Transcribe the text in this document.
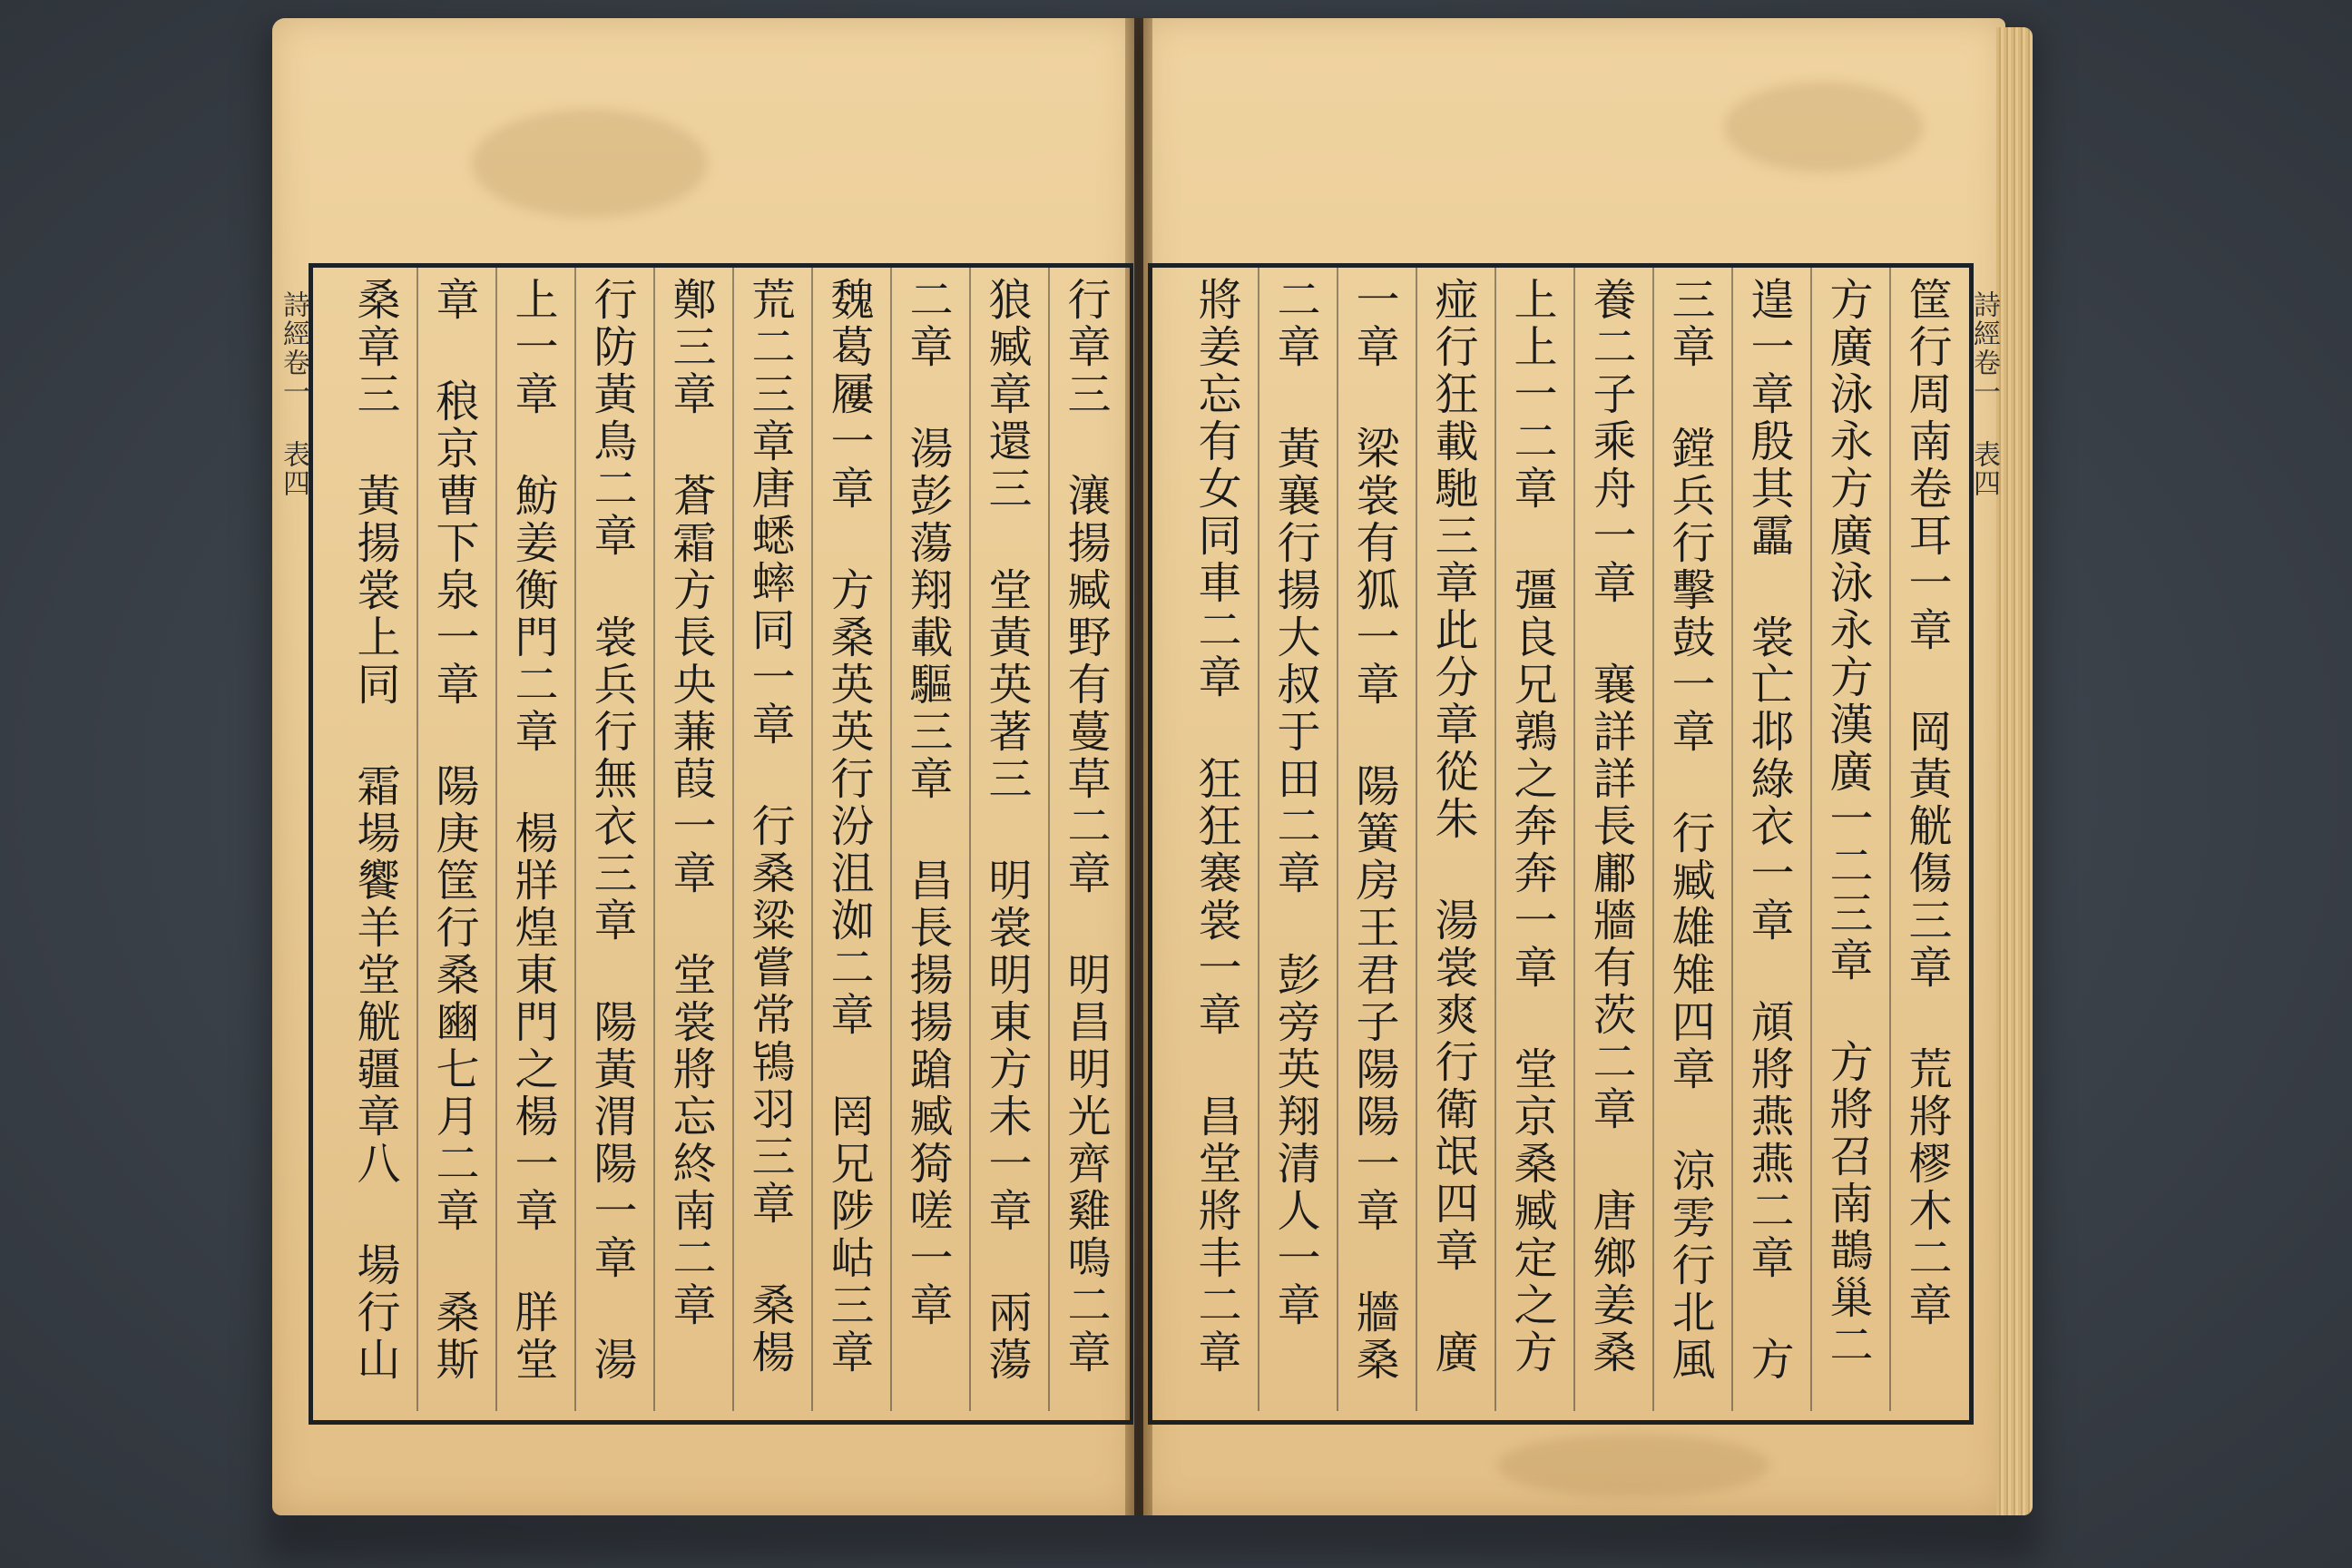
詩經卷一 表四	詩經卷一 表四
行章三 瀼揚臧野有蔓草二章 明昌明光齊雞鳴二章
狼臧章還三 堂黃英著三 明裳明東方未一章 兩蕩
二章 湯彭蕩翔載驅三章 昌長揚揚蹌臧猗嗟一章
魏葛屨一章 方桑英英行汾沮洳二章 罔兄陟岵三章
荒二三章唐蟋蟀同一章 行桑粱嘗常鴇羽三章 桑楊
鄭三章 蒼霜方長央蒹葭一章 堂裳將忘終南二章
行防黃鳥二章 裳兵行無衣三章 陽黃渭陽一章 湯
上一章 魴姜衡門二章 楊牂煌東門之楊一章 羘堂
章 稂京曹下泉一章 陽庚筐行桑豳七月二章 桑斯
桑章三 黃揚裳上同 霜場饗羊堂觥疆章八 場行山
筐行周南卷耳一章 岡黃觥傷三章 荒將樛木二章
方廣泳永方廣泳永方漢廣一二三章 方將召南鵲巢二
遑一章殷其靁 裳亡邶綠衣一章 頏將燕燕二章 方
三章 鏜兵行擊鼓一章 行臧雄雉四章 涼雱行北風
養二子乘舟一章 襄詳詳長鄘牆有茨二章 唐鄉姜桑
上上一二章 彊良兄鶉之奔奔一章 堂京桑臧定之方
痖行狂載馳三章此分章從朱 湯裳爽行衛氓四章 廣
一章 梁裳有狐一章 陽簧房王君子陽陽一章 牆桑
二章 黃襄行揚大叔于田二章 彭旁英翔清人一章
將姜忘有女同車二章 狂狂褰裳一章 昌堂將丰二章
